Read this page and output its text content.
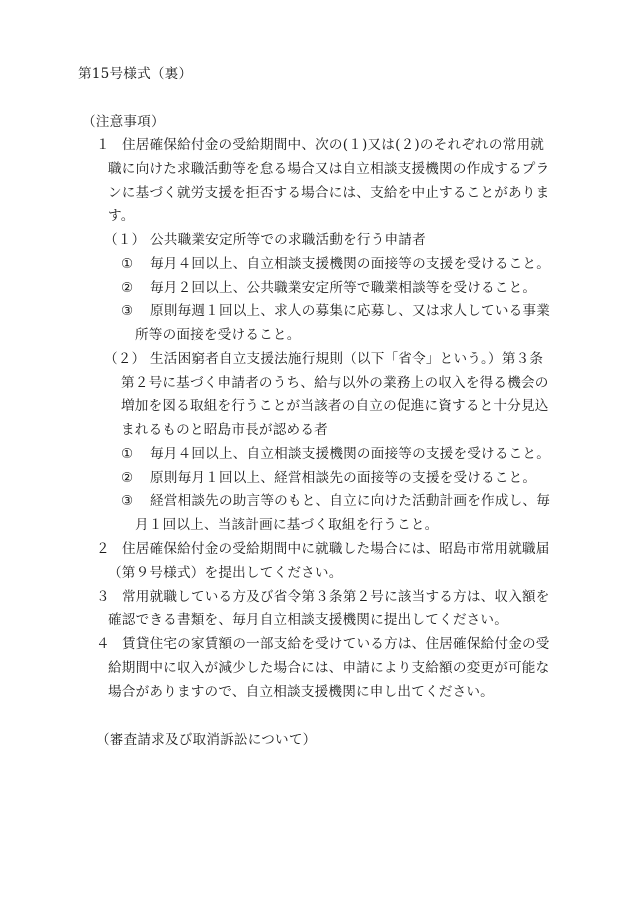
第15号様式（裏）
（注意事項）
１ 住居確保給付金の受給期間中、次の(１)又は(２)のそれぞれの常用就
職に向けた求職活動等を怠る場合又は自立相談支援機関の作成するプラ
ンに基づく就労支援を拒否する場合には、支給を中止することがありま
す。
（１） 公共職業安定所等での求職活動を行う申請者
① 毎月４回以上、自立相談支援機関の面接等の支援を受けること。
② 毎月２回以上、公共職業安定所等で職業相談等を受けること。
③ 原則毎週１回以上、求人の募集に応募し、又は求人している事業
所等の面接を受けること。
（２） 生活困窮者自立支援法施行規則（以下「省令」という。）第３条
第２号に基づく申請者のうち、給与以外の業務上の収入を得る機会の
増加を図る取組を行うことが当該者の自立の促進に資すると十分見込
まれるものと昭島市長が認める者
① 毎月４回以上、自立相談支援機関の面接等の支援を受けること。
② 原則毎月１回以上、経営相談先の面接等の支援を受けること。
③ 経営相談先の助言等のもと、自立に向けた活動計画を作成し、毎
月１回以上、当該計画に基づく取組を行うこと。
２ 住居確保給付金の受給期間中に就職した場合には、昭島市常用就職届
（第９号様式）を提出してください。
３ 常用就職している方及び省令第３条第２号に該当する方は、収入額を
確認できる書類を、毎月自立相談支援機関に提出してください。
４ 賃貸住宅の家賃額の一部支給を受けている方は、住居確保給付金の受
給期間中に収入が減少した場合には、申請により支給額の変更が可能な
場合がありますので、自立相談支援機関に申し出てください。
（審査請求及び取消訴訟について）
